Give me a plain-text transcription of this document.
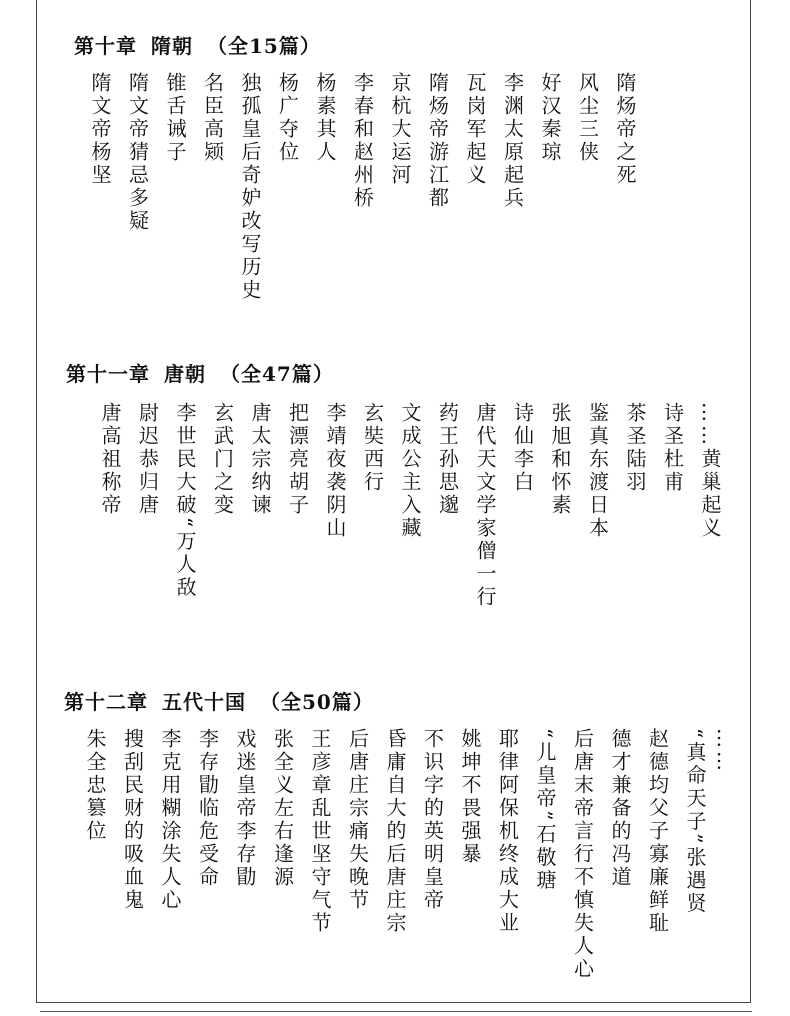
第十章 隋朝 （全15篇）
隋炀帝之死
风尘三侠
好汉秦琼
李渊太原起兵
瓦岗军起义
隋炀帝游江都
京杭大运河
李春和赵州桥
杨素其人
杨广夺位
独孤皇后奇妒改写历史
名臣高颎
锥舌诫子
隋文帝猜忌多疑
隋文帝杨坚
第十一章 唐朝 （全47篇）
……黄巢起义
诗圣杜甫
茶圣陆羽
鉴真东渡日本
张旭和怀素
诗仙李白
唐代天文学家僧一行
药王孙思邈
文成公主入藏
玄奘西行
李靖夜袭阴山
把漂亮胡子
唐太宗纳谏
玄武门之变
李世民大破“万人敌
尉迟恭归唐
唐高祖称帝
第十二章 五代十国 （全50篇）
……
“真命天子”张遇贤
赵德均父子寡廉鲜耻
德才兼备的冯道
后唐末帝言行不慎失人心
“儿皇帝”石敬瑭
耶律阿保机终成大业
姚坤不畏强暴
不识字的英明皇帝
昏庸自大的后唐庄宗
后唐庄宗痛失晚节
王彦章乱世坚守气节
张全义左右逢源
戏迷皇帝李存勖
李存勖临危受命
李克用糊涂失人心
搜刮民财的吸血鬼
朱全忠篡位
